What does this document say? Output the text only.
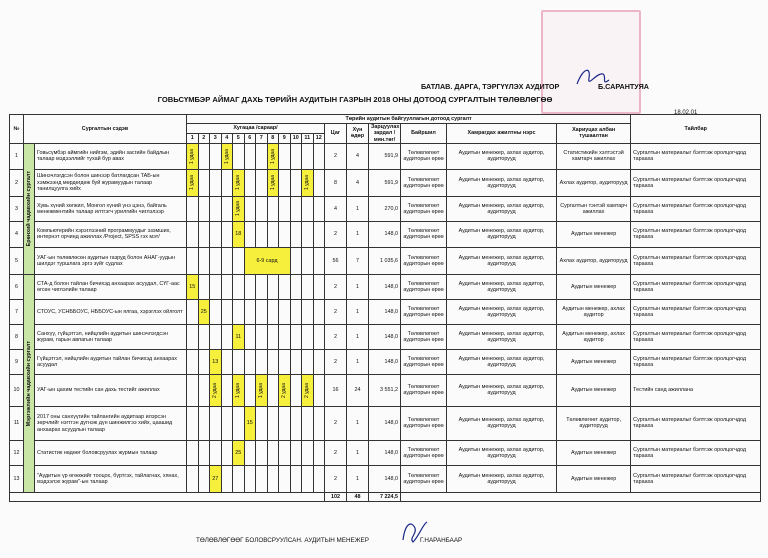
БАТЛАВ. ДАРГА, ТЭРГҮҮЛЭХ АУДИТОР	Б.САРАНТУЯА
ГОВЬСҮМБЭР АЙМАГ ДАХЬ ТӨРИЙН АУДИТЫН ГАЗРЫН 2018 ОНЫ ДОТООД СУРГАЛТЫН ТӨЛӨВЛӨГӨӨ
18.02.01
№	Сургалтын сэдэв		Төрийн аудитын байгууллагын дотоод сургалт																		Тайлбар
			Хугацаа /сараар/												Цаг	Хүн өдөр	Зарцуулах зардал /мян.төг/	Байршил	Хамрагдах ажилтны нэрс	Хариуцах албан тушаалтан	
			1	2	3	4	5	6	7	8	9	10	11	12							
1	Ерөнхий чадавхийн сургалт	Говьсүмбэр аймгийн нийгэм, эдийн засгийн байдлын талаар мэдээллийг тухай бүр авах	1 удаа			1 удаа				1 удаа					2	4	591,9	Төлөвлөгөөт аудиторын өрөө	Аудитын менежер, ахлах аудитор, аудиторууд	Статистикийн хэлтэстэй хамтарч ажиллах	Сургалтын материалыг бэлтгэж оролцогчдод тарааха
2		Шинэчлэгдсэн болон шинээр батлагдсан ТАБ-ын хэмжээнд мөрдөгдөж буй журамуудын талаар танилцуулга хийх	1 удаа				1 удаа			1 удаа			1 удаа		8	4	591,9	Төлөвлөгөөт аудиторын өрөө	Аудитын менежер, ахлах аудитор, аудиторууд	Ахлах аудитор, аудиторууд	Сургалтын материалыг бэлтгэж оролцогчдод тарааха
3		Хувь хүний хөгжил, Монгол хүний үнэ цэнэ, байгаль менежментийн талаар илтгэгч урилгийн чиглэлээр					1 удаа								4	1	270,0	Төлөвлөгөөт аудиторын өрөө	Аудитын менежер, ахлах аудитор, аудиторууд	Сургалтын тэнтэй хамтарч ажиллах	Сургалтын материалыг бэлтгэж оролцогчдод тарааха
4		Компьютерийн хэрэглээний программуудыг эзэмших, интернэт орчинд ажиллах /Project, SPSS гэх мэт/					18								2	1	148,0	Төлөвлөгөөт аудиторын өрөө	Аудитын менежер, ахлах аудитор, аудиторууд	Аудитын менежер	Сургалтын материалыг бэлтгэж оролцогчдод тарааха
5		УАГ-ын төлөвлөсөн аудитын газруд болон АНАГ-уудын шилдэг туршлага эргэ зүйг судлах						6-9 сард							56	7	1 035,6	Төлөвлөгөөт аудиторын өрөө	Аудитын менежер, ахлах аудитор, аудиторууд	Ахлах аудитор, аудиторууд	Сургалтын материалыг бэлтгэж оролцогчдод тарааха
6	Мэргэжлийн чадавхийн сургалт	СТА-д болон тайлан бичихэд анхаарах асуудал, СҮГ-аас өгсөн чиглэлийн талаар	15												2	1	148,0	Төлөвлөгөөт аудиторын өрөө	Аудитын менежер, ахлах аудитор, аудиторууд	Аудитын менежер	Сургалтын материалыг бэлтгэж оролцогчдод тарааха
7		СТОУС, УСНББОУС, НББОУС-ын ялгаа, хэрэглэх ойлголт		25											2	1	148,0	Төлөвлөгөөт аудиторын өрөө	Аудитын менежер, ахлах аудитор, аудиторууд	Аудитын менежер, ахлах аудитор	Сургалтын материалыг бэлтгэж оролцогчдод тарааха
8		Санхүү, гүйцэтгэл, нийцлийн аудитын шинэчлэгдсэн журам, гарын авлагын талаар					11								2	1	148,0	Төлөвлөгөөт аудиторын өрөө	Аудитын менежер, ахлах аудитор, аудиторууд	Аудитын менежер, ахлах аудитор	Сургалтын материалыг бэлтгэж оролцогчдод тарааха
9		Гүйцэтгэл, нийцлийн аудитын тайлан бичихэд анхаарах асуудал			13										2	1	148,0	Төлөвлөгөөт аудиторын өрөө	Аудитын менежер, ахлах аудитор, аудиторууд	Аудитын менежер	Сургалтын материалыг бэлтгэж оролцогчдод тарааха
10		УАГ-ын цахим тестийн сан дахь тестийг ажиллах			2 удаа		1 удаа		1 удаа		2 удаа		2 удаа		16	24	3 551,2	Төлөвлөгөөт аудиторын өрөө	Аудитын менежер, ахлах аудитор, аудиторууд	Аудитын менежер	Тестийн санд ажиллана
11		2017 оны санхүүгийн тайлангийн аудитаар илэрсэн зөрчлийг нэгтгэн дүгнэж дүн шинжилгээ хийх, цаашид анхаарах асуудлын талаар						15							2	1	148,0	Төлөвлөгөөт аудиторын өрөө	Аудитын менежер, ахлах аудитор, аудиторууд	Төлөвлөгөөт аудитор, аудиторууд	Сургалтын материалыг бэлтгэж оролцогчдод тарааха
12		Статистик нөдөөг боловсруулах журмын талаар					25								2	1	148,0	Төлөвлөгөөт аудиторын өрөө	Аудитын менежер, ахлах аудитор, аудиторууд	Аудитын менежер	Сургалтын материалыг бэлтгэж оролцогчдод тарааха
13		"Аудитын үр өгөөжийг тооцох, бүртгэх, тайлагнах, хянах, мэдээлэх журам"-ын талаар			27										2	1	148,0	Төлөвлөгөөт аудиторын өрөө	Аудитын менежер, ахлах аудитор, аудиторууд	Аудитын менежер	Сургалтын материалыг бэлтгэж оролцогчдод тарааха
															102	48	7 224,5				
ТӨЛӨВЛӨГӨӨГ БОЛОВСРУУЛСАН. АУДИТЫН МЕНЕЖЕР	Г.НАРАНБААР
